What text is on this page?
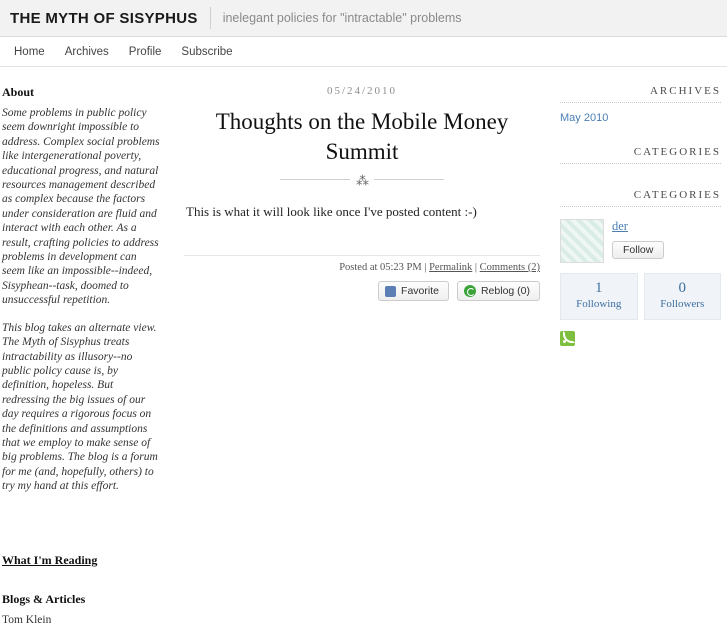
THE MYTH OF SISYPHUS inelegant policies for "intractable" problems
Home	Archives	Profile	Subscribe
About

Some problems in public policy seem downright impossible to address. Complex social problems like intergenerational poverty, educational progress, and natural resources management described as complex because the factors under consideration are fluid and interact with each other. As a result, crafting policies to address problems in development can seem like an impossible--indeed, Sisyphean--task, doomed to unsuccessful repetition.

This blog takes an alternate view. The Myth of Sisyphus treats intractability as illusory--no public policy cause is, by definition, hopeless. But redressing the big issues of our day requires a rigorous focus on the definitions and assumptions that we employ to make sense of big problems. The blog is a forum for me (and, hopefully, others) to try my hand at this effort.

What I'm Reading
Blogs & Articles
Tom Klein
05/24/2010
Thoughts on the Mobile Money Summit
⁂

This is what it will look like once I've posted content :-)

Posted at 05:23 PM | Permalink | Comments (2)
Favorite	Reblog (0)
ARCHIVES
May 2010
CATEGORIES
CATEGORIES
der
Follow
1
Following
0
Followers
